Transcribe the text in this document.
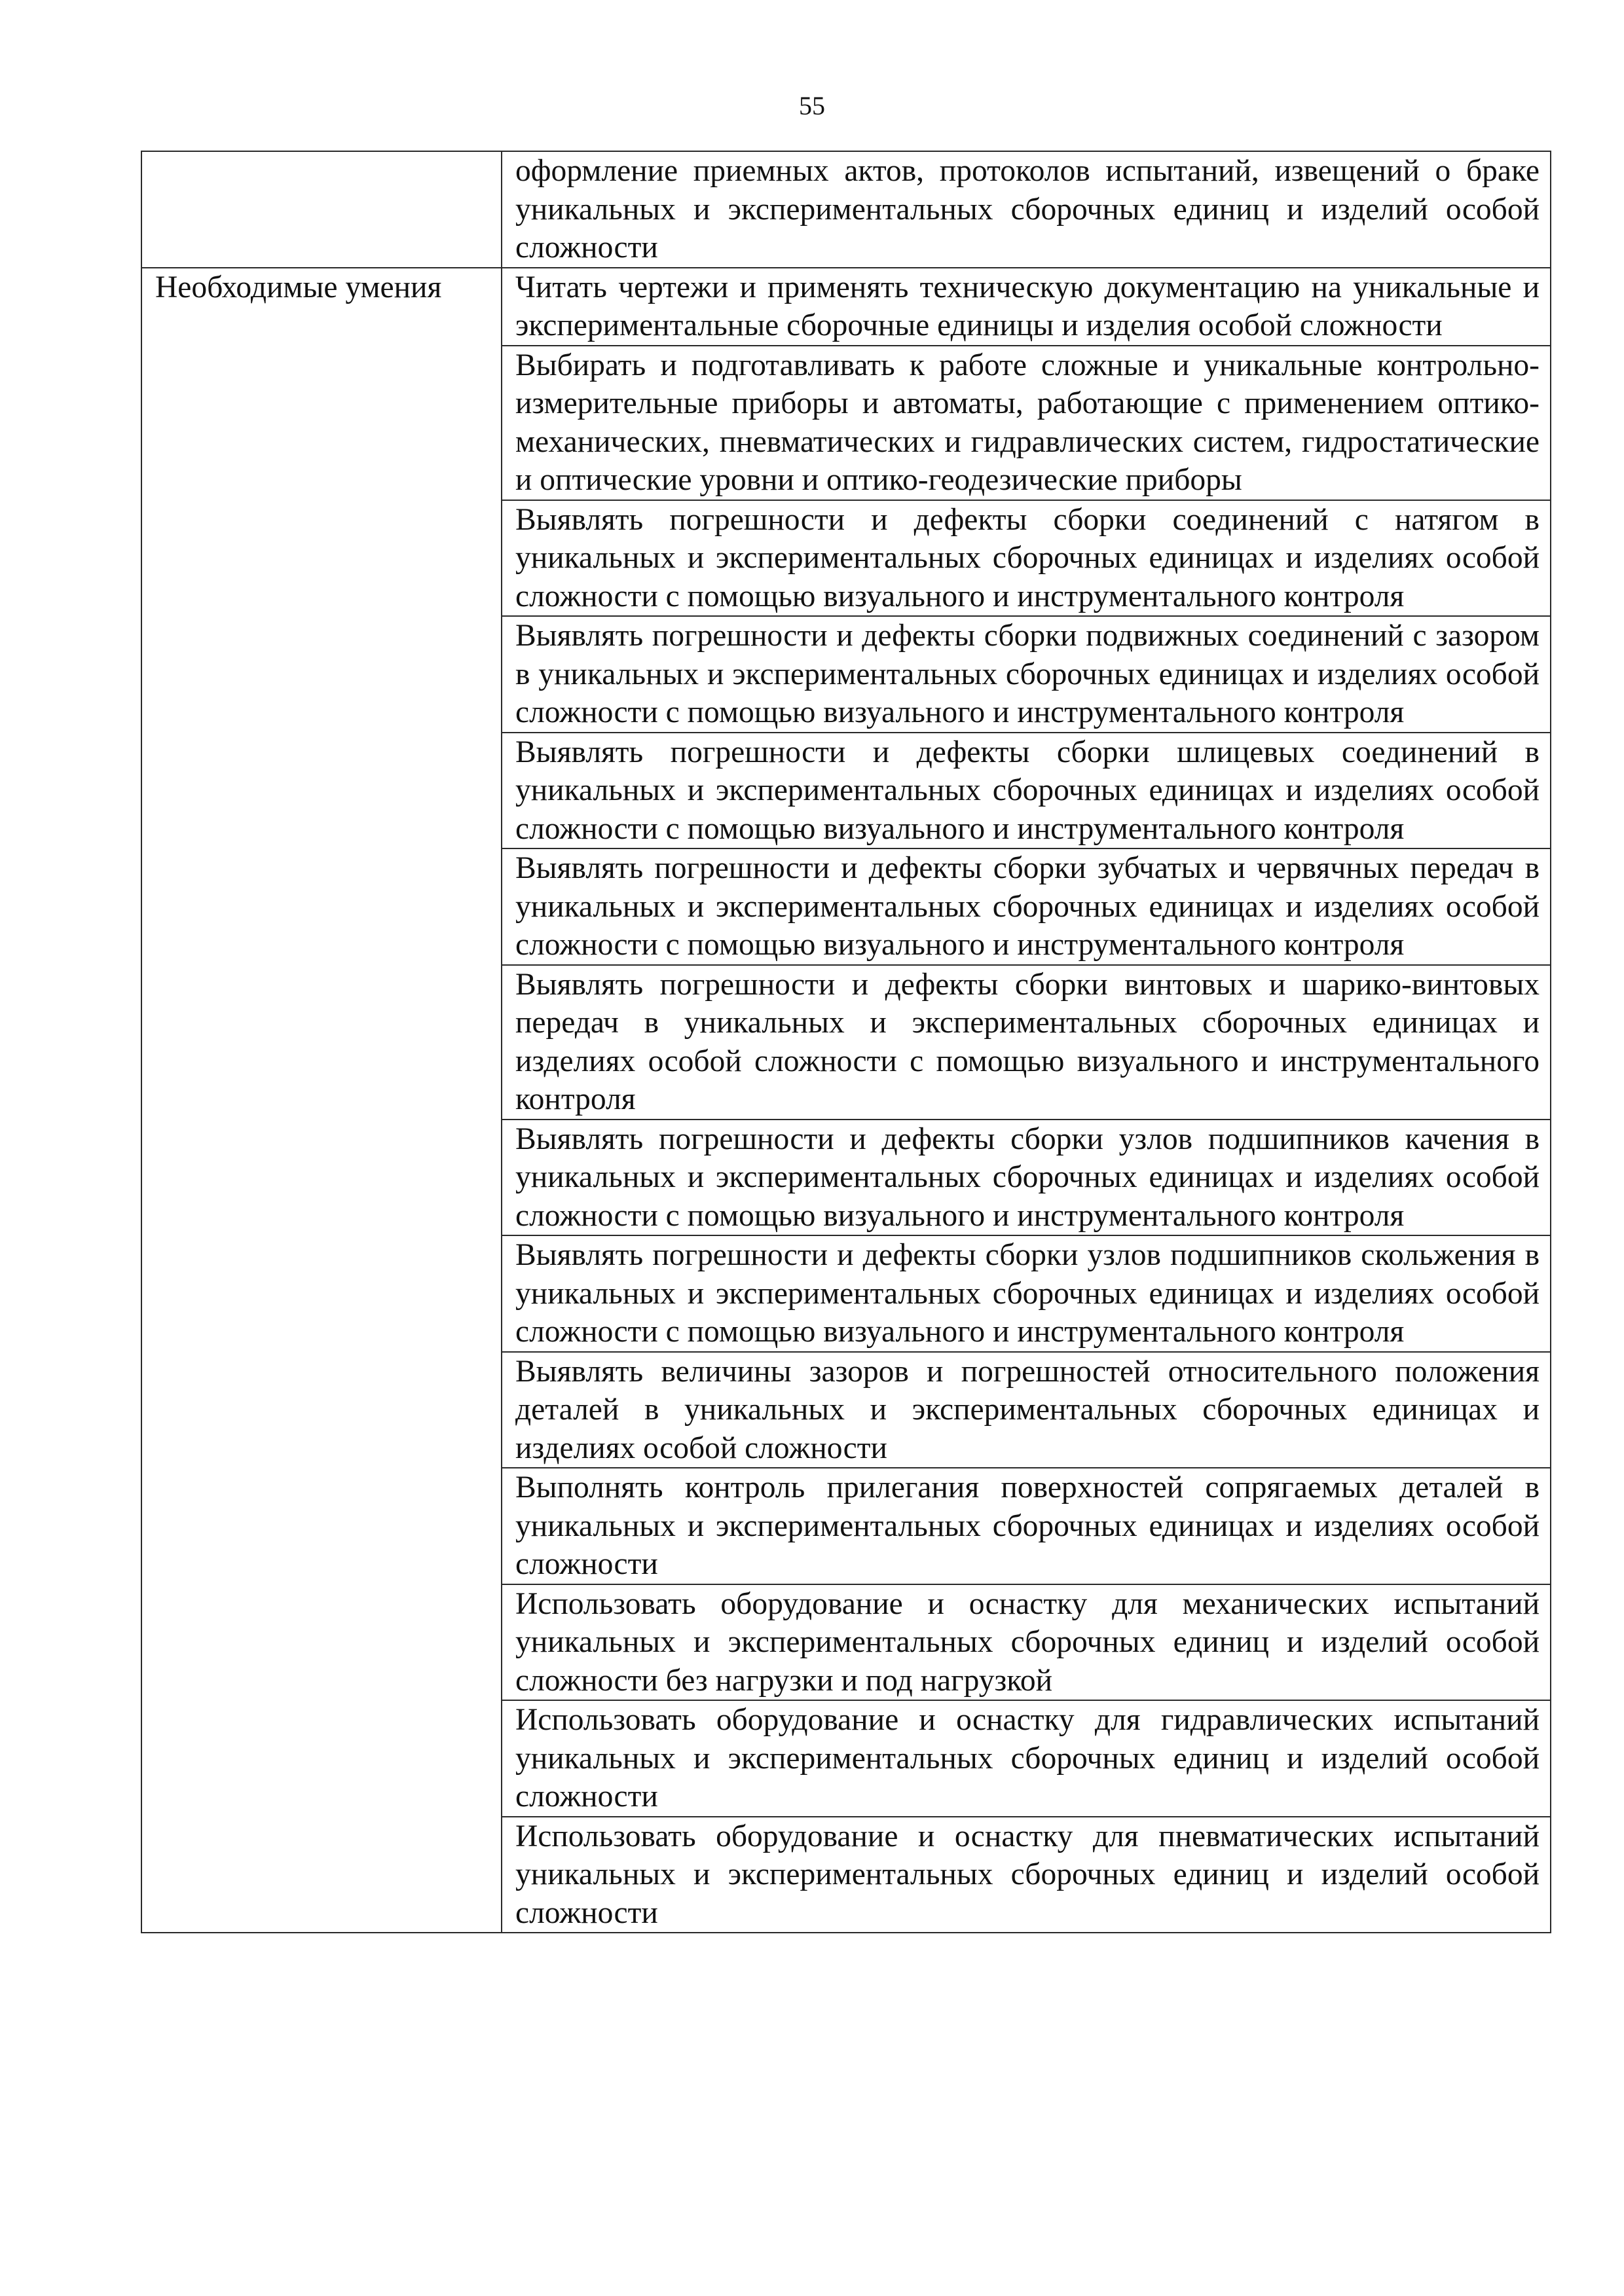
55
	оформление приемных актов, протоколов испытаний, извещений о браке уникальных и экспериментальных сборочных единиц и изделий особой сложности
Необходимые умения	Читать чертежи и применять техническую документацию на уникальные и экспериментальные сборочные единицы и изделия особой сложности
	Выбирать и подготавливать к работе сложные и уникальные контрольно-измерительные приборы и автоматы, работающие с применением оптико-механических, пневматических и гидравлических систем, гидростатические и оптические уровни и оптико-геодезические приборы
	Выявлять погрешности и дефекты сборки соединений с натягом в уникальных и экспериментальных сборочных единицах и изделиях особой сложности с помощью визуального и инструментального контроля
	Выявлять погрешности и дефекты сборки подвижных соединений с зазором в уникальных и экспериментальных сборочных единицах и изделиях особой сложности с помощью визуального и инструментального контроля
	Выявлять погрешности и дефекты сборки шлицевых соединений в уникальных и экспериментальных сборочных единицах и изделиях особой сложности с помощью визуального и инструментального контроля
	Выявлять погрешности и дефекты сборки зубчатых и червячных передач в уникальных и экспериментальных сборочных единицах и изделиях особой сложности с помощью визуального и инструментального контроля
	Выявлять погрешности и дефекты сборки винтовых и шарико-винтовых передач в уникальных и экспериментальных сборочных единицах и изделиях особой сложности с помощью визуального и инструментального контроля
	Выявлять погрешности и дефекты сборки узлов подшипников качения в уникальных и экспериментальных сборочных единицах и изделиях особой сложности с помощью визуального и инструментального контроля
	Выявлять погрешности и дефекты сборки узлов подшипников скольжения в уникальных и экспериментальных сборочных единицах и изделиях особой сложности с помощью визуального и инструментального контроля
	Выявлять величины зазоров и погрешностей относительного положения деталей в уникальных и экспериментальных сборочных единицах и изделиях особой сложности
	Выполнять контроль прилегания поверхностей сопрягаемых деталей в уникальных и экспериментальных сборочных единицах и изделиях особой сложности
	Использовать оборудование и оснастку для механических испытаний уникальных и экспериментальных сборочных единиц и изделий особой сложности без нагрузки и под нагрузкой
	Использовать оборудование и оснастку для гидравлических испытаний уникальных и экспериментальных сборочных единиц и изделий особой сложности
	Использовать оборудование и оснастку для пневматических испытаний уникальных и экспериментальных сборочных единиц и изделий особой сложности
